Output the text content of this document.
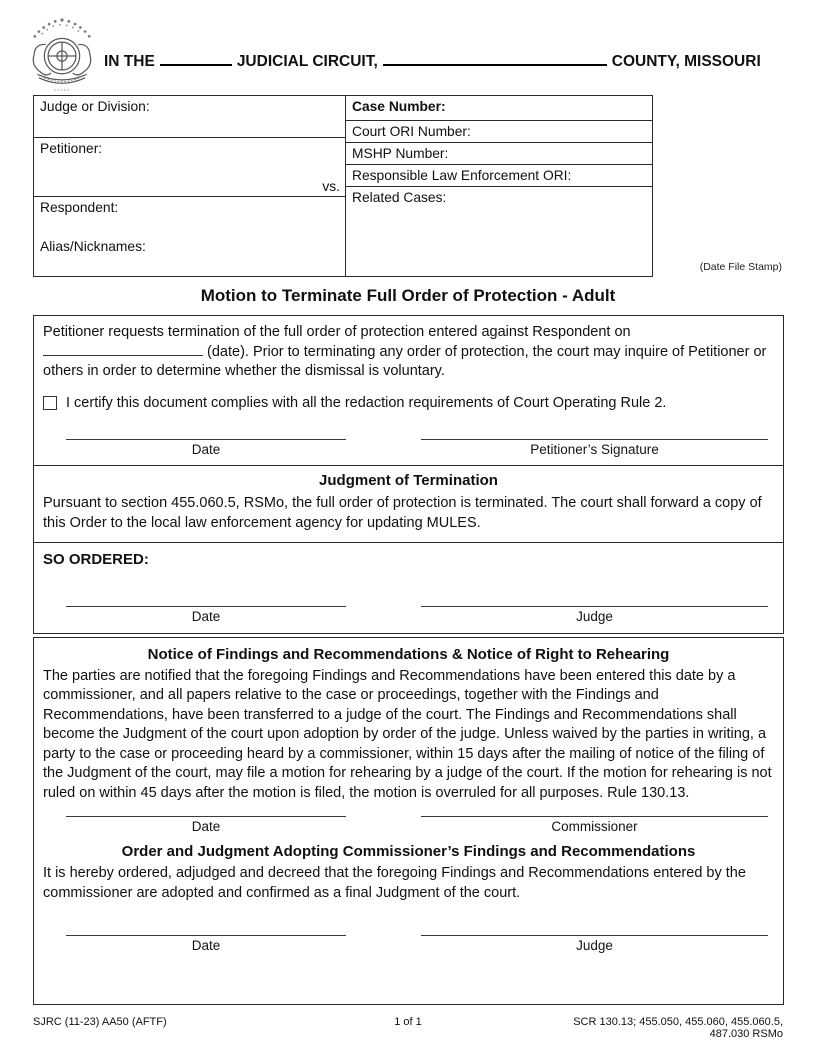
IN THE	JUDICIAL CIRCUIT,	COUNTY, MISSOURI
Judge or Division:
Petitioner:
vs.
Respondent:
Alias/Nicknames:
Case Number:
Court ORI Number:
MSHP Number:
Responsible Law Enforcement ORI:
Related Cases:
(Date File Stamp)
Motion to Terminate Full Order of Protection - Adult

Petitioner requests termination of the full order of protection entered against Respondent on  (date). Prior to terminating any order of protection, the court may inquire of Petitioner or others in order to determine whether the dismissal is voluntary.

I certify this document complies with all the redaction requirements of Court Operating Rule 2.
Date	Petitioner’s Signature
Judgment of Termination

Pursuant to section 455.060.5, RSMo, the full order of protection is terminated. The court shall forward a copy of this Order to the local law enforcement agency for updating MULES.

SO ORDERED:
Date	Judge
Notice of Findings and Recommendations & Notice of Right to Rehearing

The parties are notified that the foregoing Findings and Recommendations have been entered this date by a commissioner, and all papers relative to the case or proceedings, together with the Findings and Recommendations, have been transferred to a judge of the court. The Findings and Recommendations shall become the Judgment of the court upon adoption by order of the judge. Unless waived by the parties in writing, a party to the case or proceeding heard by a commissioner, within 15 days after the mailing of notice of the filing of the Judgment of the court, may file a motion for rehearing by a judge of the court. If the motion for rehearing is not ruled on within 45 days after the motion is filed, the motion is overruled for all purposes. Rule 130.13.

Date	Commissioner
Order and Judgment Adopting Commissioner’s Findings and Recommendations

It is hereby ordered, adjudged and decreed that the foregoing Findings and Recommendations entered by the commissioner are adopted and confirmed as a final Judgment of the court.

Date	Judge
SJRC (11-23) AA50 (AFTF)	1 of 1	SCR 130.13; 455.050, 455.060, 455.060.5, 487.030 RSMo
